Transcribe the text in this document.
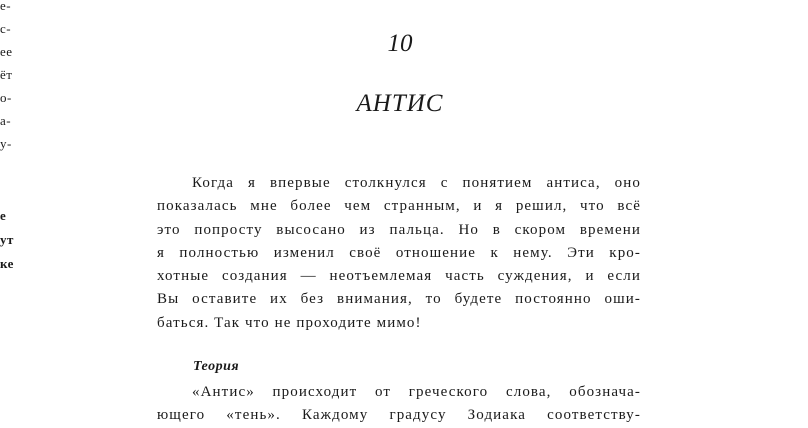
е-
с-
ее
ёт
о-
а-
у-
е
ут
ке
10
АНТИС
Когда я впервые столкнулся с понятием антиса, оно
показалась мне более чем странным, и я решил, что всё
это попросту высосано из пальца. Но в скором времени
я полностью изменил своё отношение к нему. Эти кро-
хотные создания — неотъемлемая часть суждения, и если
Вы оставите их без внимания, то будете постоянно оши-
баться. Так что не проходите мимо!
Теория
«Антис» происходит от греческого слова, обознача-
ющего «тень». Каждому градусу Зодиака соответству-
